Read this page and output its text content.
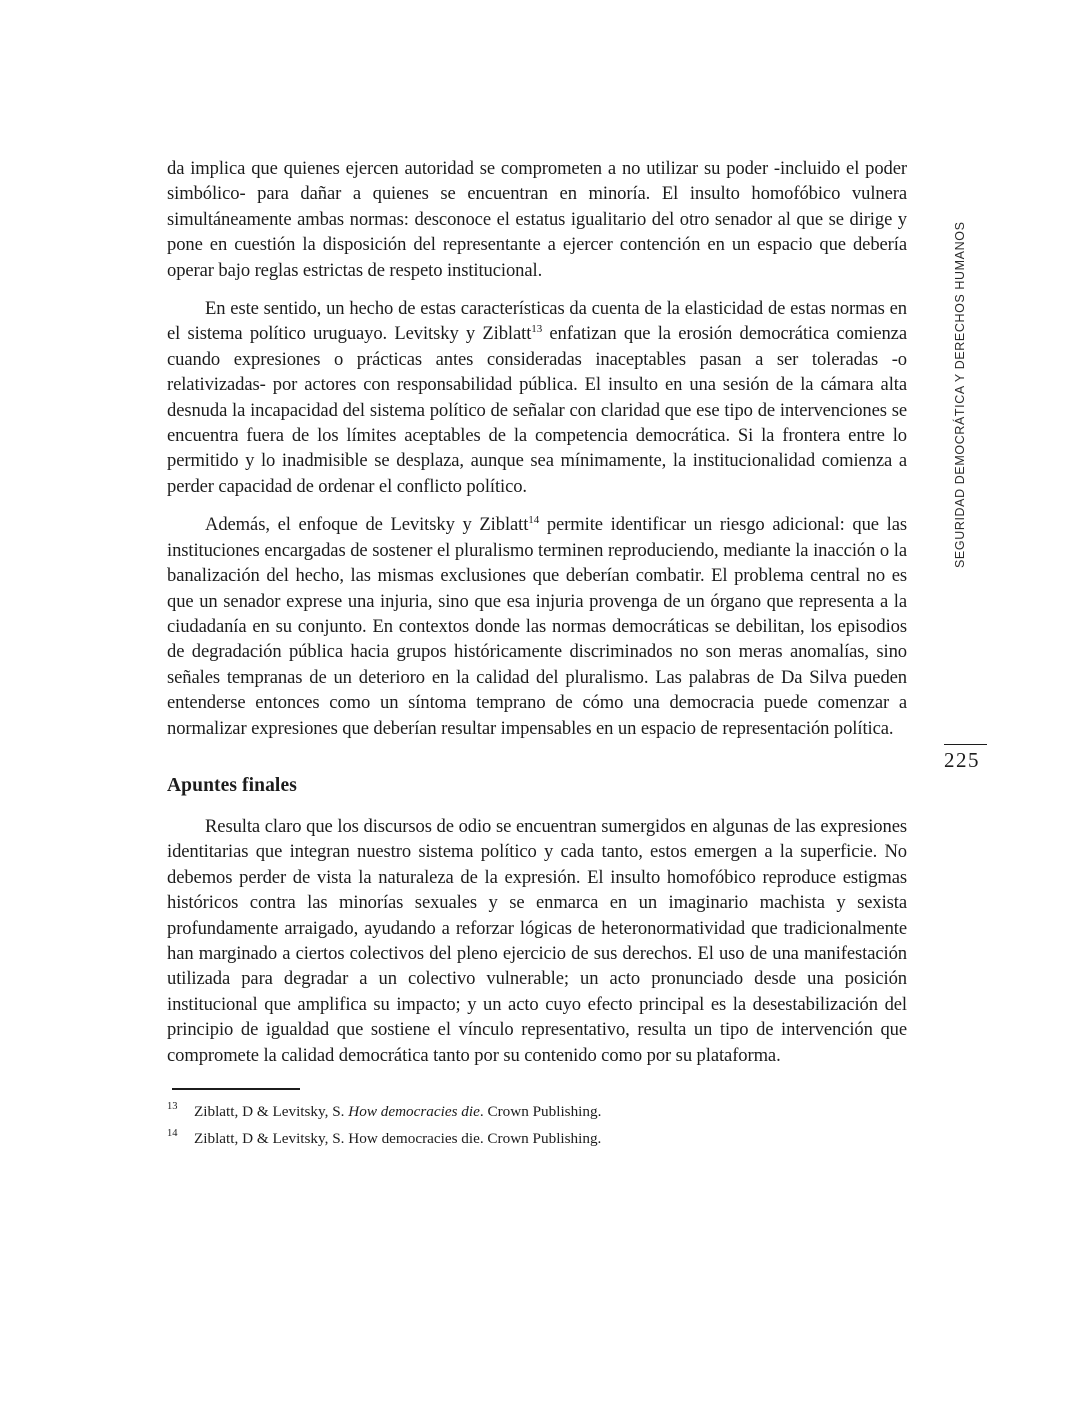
SEGURIDAD DEMOCRÁTICA Y DERECHOS HUMANOS
225

da implica que quienes ejercen autoridad se comprometen a no utilizar su poder -incluido el poder simbólico- para dañar a quienes se encuentran en minoría. El insulto homofóbico vulnera simultáneamente ambas normas: desconoce el estatus igualitario del otro senador al que se dirige y pone en cuestión la disposición del representante a ejercer contención en un espacio que debería operar bajo reglas estrictas de respeto institucional.

En este sentido, un hecho de estas características da cuenta de la elasticidad de estas normas en el sistema político uruguayo. Levitsky y Ziblatt$^{13}$ enfatizan que la erosión democrática comienza cuando expresiones o prácticas antes consideradas inaceptables pasan a ser toleradas -o relativizadas- por actores con responsabilidad pública. El insulto en una sesión de la cámara alta desnuda la incapacidad del sistema político de señalar con claridad que ese tipo de intervenciones se encuentra fuera de los límites aceptables de la competencia democrática. Si la frontera entre lo permitido y lo inadmisible se desplaza, aunque sea mínimamente, la institucionalidad comienza a perder capacidad de ordenar el conflicto político.

Además, el enfoque de Levitsky y Ziblatt$^{14}$ permite identificar un riesgo adicional: que las instituciones encargadas de sostener el pluralismo terminen reproduciendo, mediante la inacción o la banalización del hecho, las mismas exclusiones que deberían combatir. El problema central no es que un senador exprese una injuria, sino que esa injuria provenga de un órgano que representa a la ciudadanía en su conjunto. En contextos donde las normas democráticas se debilitan, los episodios de degradación pública hacia grupos históricamente discriminados no son meras anomalías, sino señales tempranas de un deterioro en la calidad del pluralismo. Las palabras de Da Silva pueden entenderse entonces como un síntoma temprano de cómo una democracia puede comenzar a normalizar expresiones que deberían resultar impensables en un espacio de representación política.

Apuntes finales

Resulta claro que los discursos de odio se encuentran sumergidos en algunas de las expresiones identitarias que integran nuestro sistema político y cada tanto, estos emergen a la superficie. No debemos perder de vista la naturaleza de la expresión. El insulto homofóbico reproduce estigmas históricos contra las minorías sexuales y se enmarca en un imaginario machista y sexista profundamente arraigado, ayudando a reforzar lógicas de heteronormatividad que tradicionalmente han marginado a ciertos colectivos del pleno ejercicio de sus derechos. El uso de una manifestación utilizada para degradar a un colectivo vulnerable; un acto pronunciado desde una posición institucional que amplifica su impacto; y un acto cuyo efecto principal es la desestabilización del principio de igualdad que sostiene el vínculo representativo, resulta un tipo de intervención que compromete la calidad democrática tanto por su contenido como por su plataforma.

13	Ziblatt, D & Levitsky, S. How democracies die. Crown Publishing.
14	Ziblatt, D & Levitsky, S. How democracies die. Crown Publishing.
